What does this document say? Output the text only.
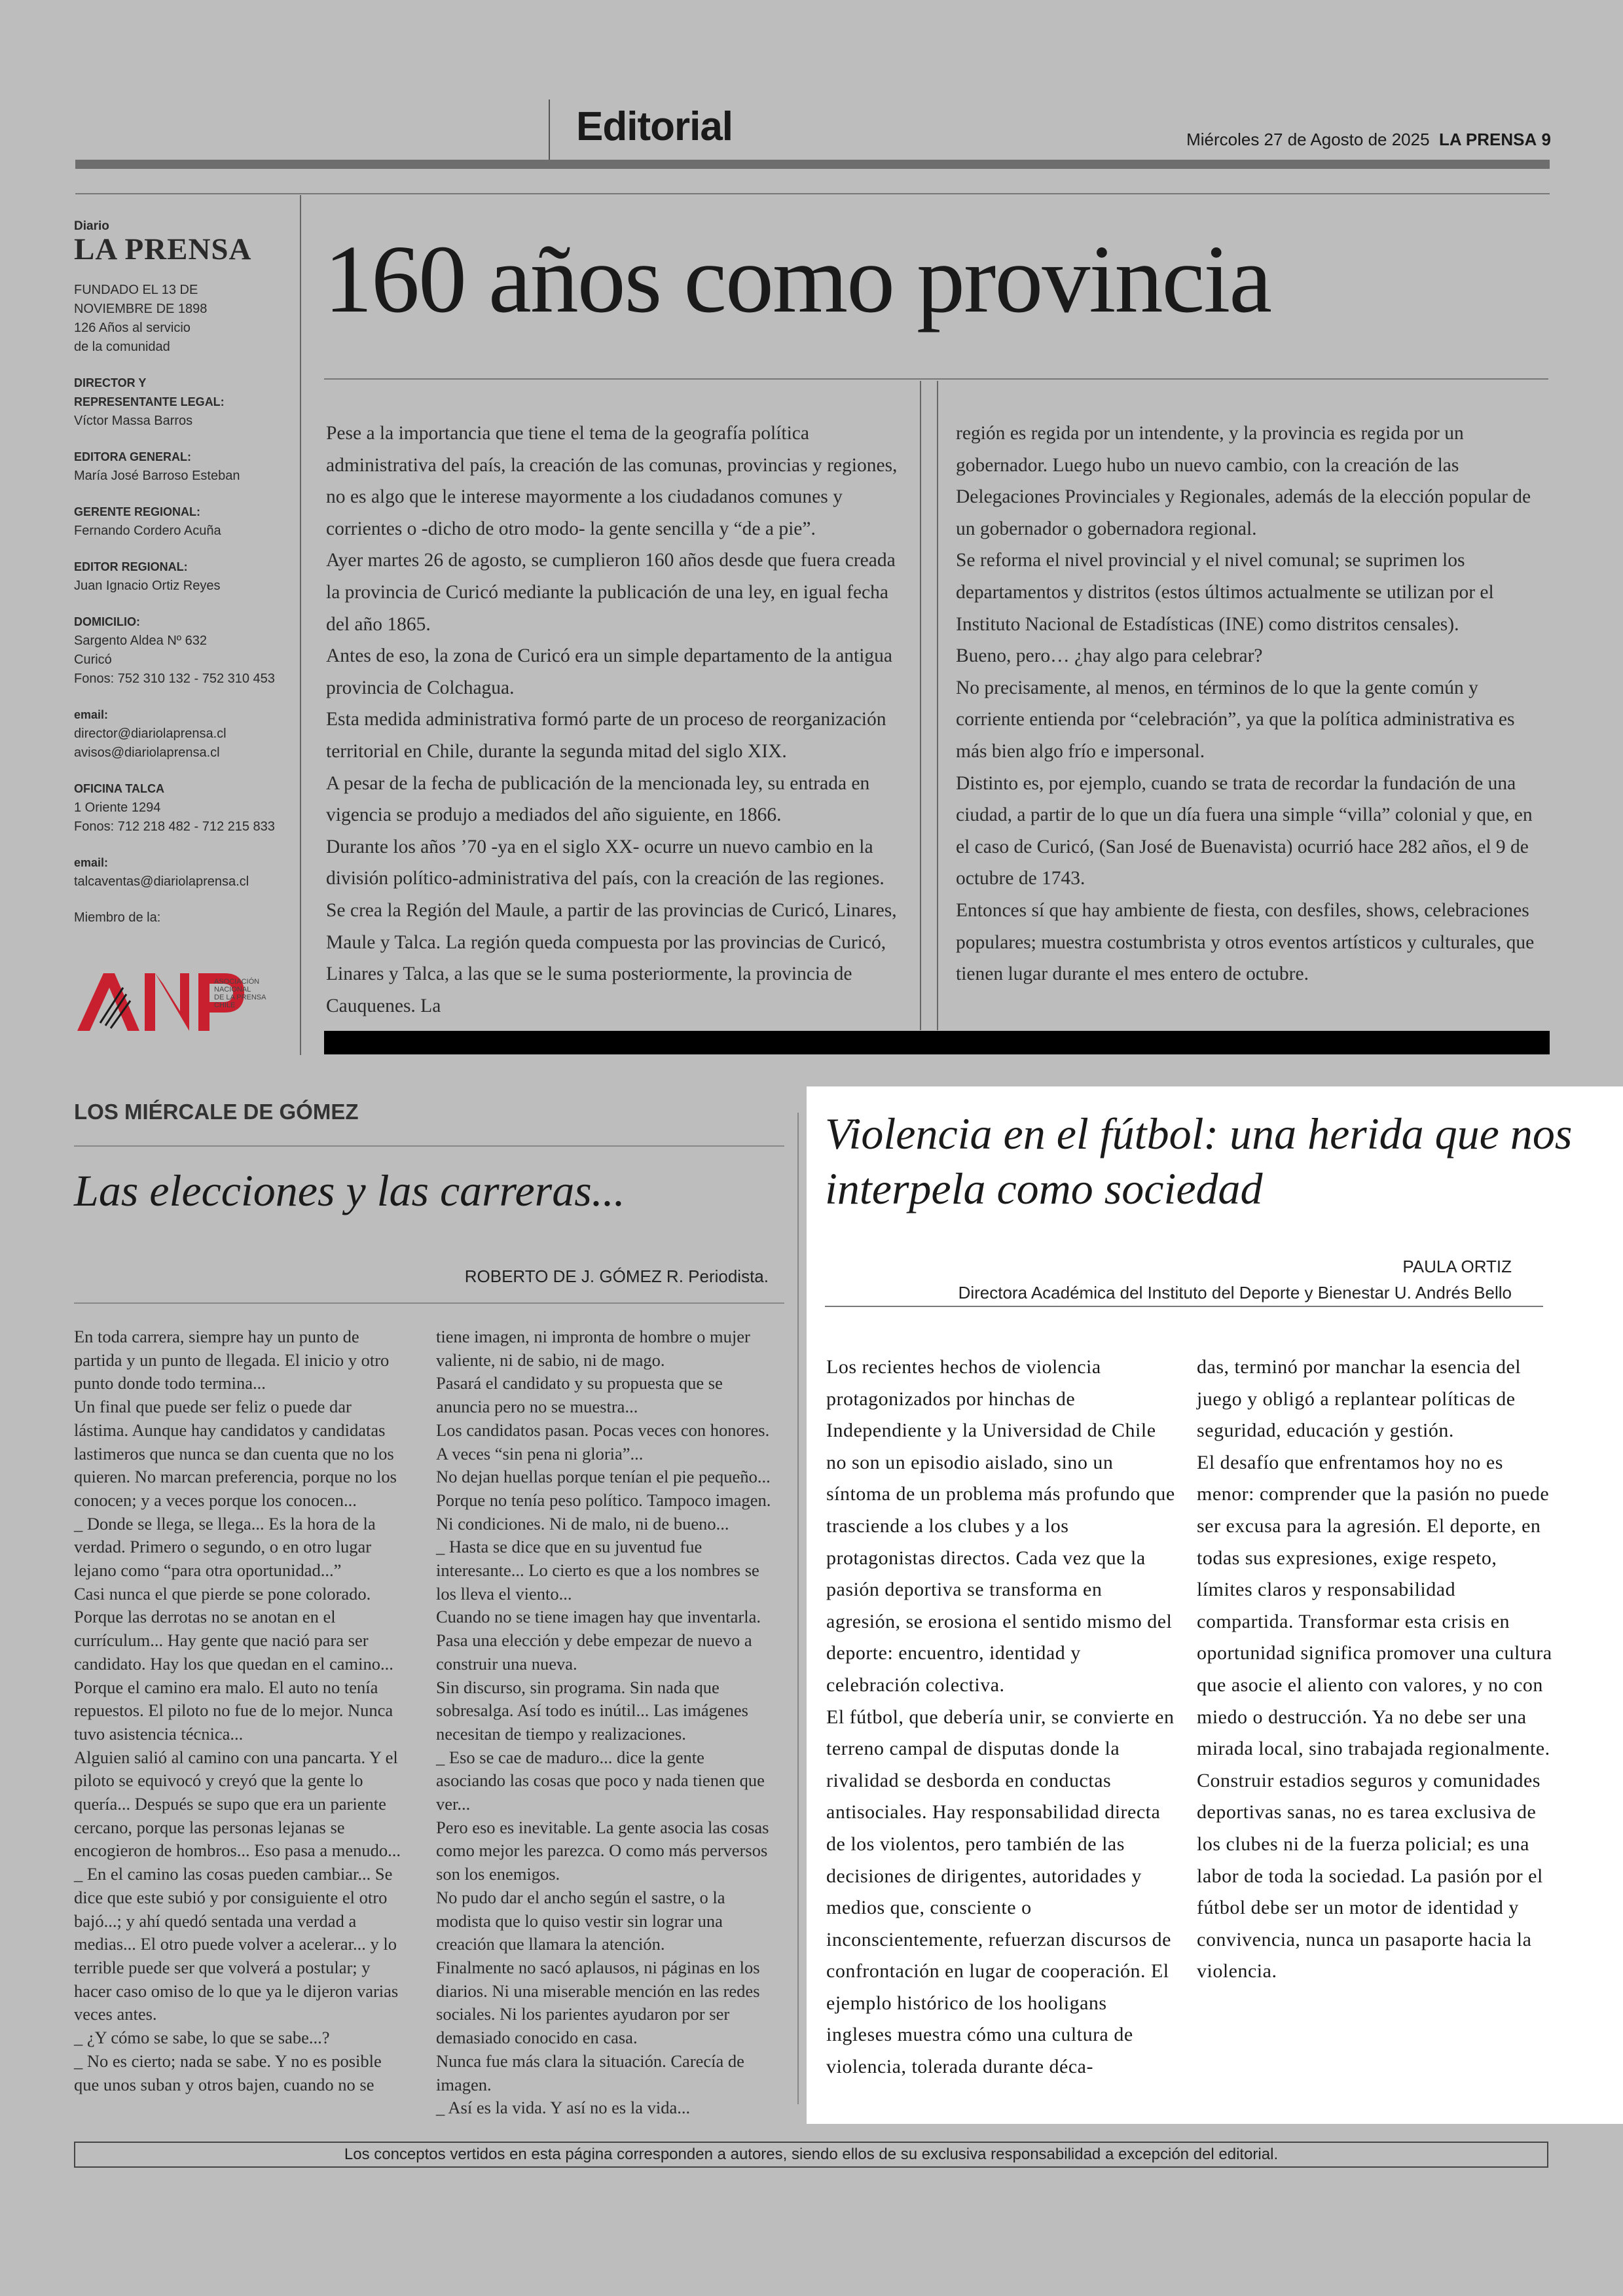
Editorial	Miércoles 27 de Agosto de 2025 LA PRENSA 9
Diario
LA PRENSA
FUNDADO EL 13 DE
NOVIEMBRE DE 1898
126 Años al servicio
de la comunidad
DIRECTOR Y
REPRESENTANTE LEGAL:
Víctor Massa Barros
EDITORA GENERAL:
María José Barroso Esteban
GERENTE REGIONAL:
Fernando Cordero Acuña
EDITOR REGIONAL:
Juan Ignacio Ortiz Reyes
DOMICILIO:
Sargento Aldea Nº 632
Curicó
Fonos: 752 310 132 - 752 310 453
email:
director@diariolaprensa.cl
avisos@diariolaprensa.cl
OFICINA TALCA
1 Oriente 1294
Fonos: 712 218 482 - 712 215 833
email:
talcaventas@diariolaprensa.cl
Miembro de la:
ASOCIACIÓN
NACIONAL
DE LA PRENSA
CHILE
160 años como provincia

Pese a la importancia que tiene el tema de la geografía política administrativa del país, la creación de las comunas, provincias y regiones, no es algo que le interese mayormente a los ciudadanos comunes y corrientes o -dicho de otro modo- la gente sencilla y “de a pie”.

Ayer martes 26 de agosto, se cumplieron 160 años desde que fuera creada la provincia de Curicó mediante la publicación de una ley, en igual fecha del año 1865.

Antes de eso, la zona de Curicó era un simple departamento de la antigua provincia de Colchagua.

Esta medida administrativa formó parte de un proceso de reorganización territorial en Chile, durante la segunda mitad del siglo XIX.

A pesar de la fecha de publicación de la mencionada ley, su entrada en vigencia se produjo a mediados del año siguiente, en 1866.

Durante los años ’70 -ya en el siglo XX- ocurre un nuevo cambio en la división político-administrativa del país, con la creación de las regiones.

Se crea la Región del Maule, a partir de las provincias de Curicó, Linares, Maule y Talca. La región queda compuesta por las provincias de Curicó, Linares y Talca, a las que se le suma posteriormente, la provincia de Cauquenes. La

región es regida por un intendente, y la provincia es regida por un gobernador. Luego hubo un nuevo cambio, con la creación de las Delegaciones Provinciales y Regionales, además de la elección popular de un gobernador o gobernadora regional.

Se reforma el nivel provincial y el nivel comunal; se suprimen los departamentos y distritos (estos últimos actualmente se utilizan por el Instituto Nacional de Estadísticas (INE) como distritos censales).

Bueno, pero… ¿hay algo para celebrar?

No precisamente, al menos, en términos de lo que la gente común y corriente entienda por “celebración”, ya que la política administrativa es más bien algo frío e impersonal.

Distinto es, por ejemplo, cuando se trata de recordar la fundación de una ciudad, a partir de lo que un día fuera una simple “villa” colonial y que, en el caso de Curicó, (San José de Buenavista) ocurrió hace 282 años, el 9 de octubre de 1743.

Entonces sí que hay ambiente de fiesta, con desfiles, shows, celebraciones populares; muestra costumbrista y otros eventos artísticos y culturales, que tienen lugar durante el mes entero de octubre.

LOS MIÉRCALE DE GÓMEZ
Las elecciones y las carreras...
ROBERTO DE J. GÓMEZ R. Periodista.

En toda carrera, siempre hay un punto de partida y un punto de llegada. El inicio y otro punto donde todo termina...

Un final que puede ser feliz o puede dar lástima. Aunque hay candidatos y candidatas lastimeros que nunca se dan cuenta que no los quieren. No marcan preferencia, porque no los conocen; y a veces porque los conocen...

_ Donde se llega, se llega... Es la hora de la verdad. Primero o segundo, o en otro lugar lejano como “para otra oportunidad...”

Casi nunca el que pierde se pone colorado. Porque las derrotas no se anotan en el currículum... Hay gente que nació para ser candidato. Hay los que quedan en el camino... Porque el camino era malo. El auto no tenía repuestos. El piloto no fue de lo mejor. Nunca tuvo asistencia técnica...

Alguien salió al camino con una pancarta. Y el piloto se equivocó y creyó que la gente lo quería... Después se supo que era un pariente cercano, porque las personas lejanas se encogieron de hombros... Eso pasa a menudo...

_ En el camino las cosas pueden cambiar... Se dice que este subió y por consiguiente el otro bajó...; y ahí quedó sentada una verdad a medias... El otro puede volver a acelerar... y lo terrible puede ser que volverá a postular; y hacer caso omiso de lo que ya le dijeron varias veces antes.

_ ¿Y cómo se sabe, lo que se sabe...?

_ No es cierto; nada se sabe. Y no es posible que unos suban y otros bajen, cuando no se

tiene imagen, ni impronta de hombre o mujer valiente, ni de sabio, ni de mago.

Pasará el candidato y su propuesta que se anuncia pero no se muestra...

Los candidatos pasan. Pocas veces con honores.

A veces “sin pena ni gloria”...

No dejan huellas porque tenían el pie pequeño... Porque no tenía peso político. Tampoco imagen. Ni condiciones. Ni de malo, ni de bueno...

_ Hasta se dice que en su juventud fue interesante... Lo cierto es que a los nombres se los lleva el viento...

Cuando no se tiene imagen hay que inventarla. Pasa una elección y debe empezar de nuevo a construir una nueva.

Sin discurso, sin programa. Sin nada que sobresalga. Así todo es inútil... Las imágenes necesitan de tiempo y realizaciones.

_ Eso se cae de maduro... dice la gente asociando las cosas que poco y nada tienen que ver...

Pero eso es inevitable. La gente asocia las cosas como mejor les parezca. O como más perversos son los enemigos.

No pudo dar el ancho según el sastre, o la modista que lo quiso vestir sin lograr una creación que llamara la atención.

Finalmente no sacó aplausos, ni páginas en los diarios. Ni una miserable mención en las redes sociales. Ni los parientes ayudaron por ser demasiado conocido en casa.

Nunca fue más clara la situación. Carecía de imagen.

_ Así es la vida. Y así no es la vida...

Violencia en el fútbol: una herida que nos interpela como sociedad
PAULA ORTIZ
Directora Académica del Instituto del Deporte y Bienestar U. Andrés Bello

Los recientes hechos de violencia protagonizados por hinchas de Independiente y la Universidad de Chile no son un episodio aislado, sino un síntoma de un problema más profundo que trasciende a los clubes y a los protagonistas directos. Cada vez que la pasión deportiva se transforma en agresión, se erosiona el sentido mismo del deporte: encuentro, identidad y celebración colectiva.

El fútbol, que debería unir, se convierte en terreno campal de disputas donde la rivalidad se desborda en conductas antisociales. Hay responsabilidad directa de los violentos, pero también de las decisiones de dirigentes, autoridades y medios que, consciente o inconscientemente, refuerzan discursos de confrontación en lugar de cooperación. El ejemplo histórico de los hooligans ingleses muestra cómo una cultura de violencia, tolerada durante déca-

das, terminó por manchar la esencia del juego y obligó a replantear políticas de seguridad, educación y gestión.

El desafío que enfrentamos hoy no es menor: comprender que la pasión no puede ser excusa para la agresión. El deporte, en todas sus expresiones, exige respeto, límites claros y responsabilidad compartida. Transformar esta crisis en oportunidad significa promover una cultura que asocie el aliento con valores, y no con miedo o destrucción. Ya no debe ser una mirada local, sino trabajada regionalmente.

Construir estadios seguros y comunidades deportivas sanas, no es tarea exclusiva de los clubes ni de la fuerza policial; es una labor de toda la sociedad. La pasión por el fútbol debe ser un motor de identidad y convivencia, nunca un pasaporte hacia la violencia.

Los conceptos vertidos en esta página corresponden a autores, siendo ellos de su exclusiva responsabilidad a excepción del editorial.
